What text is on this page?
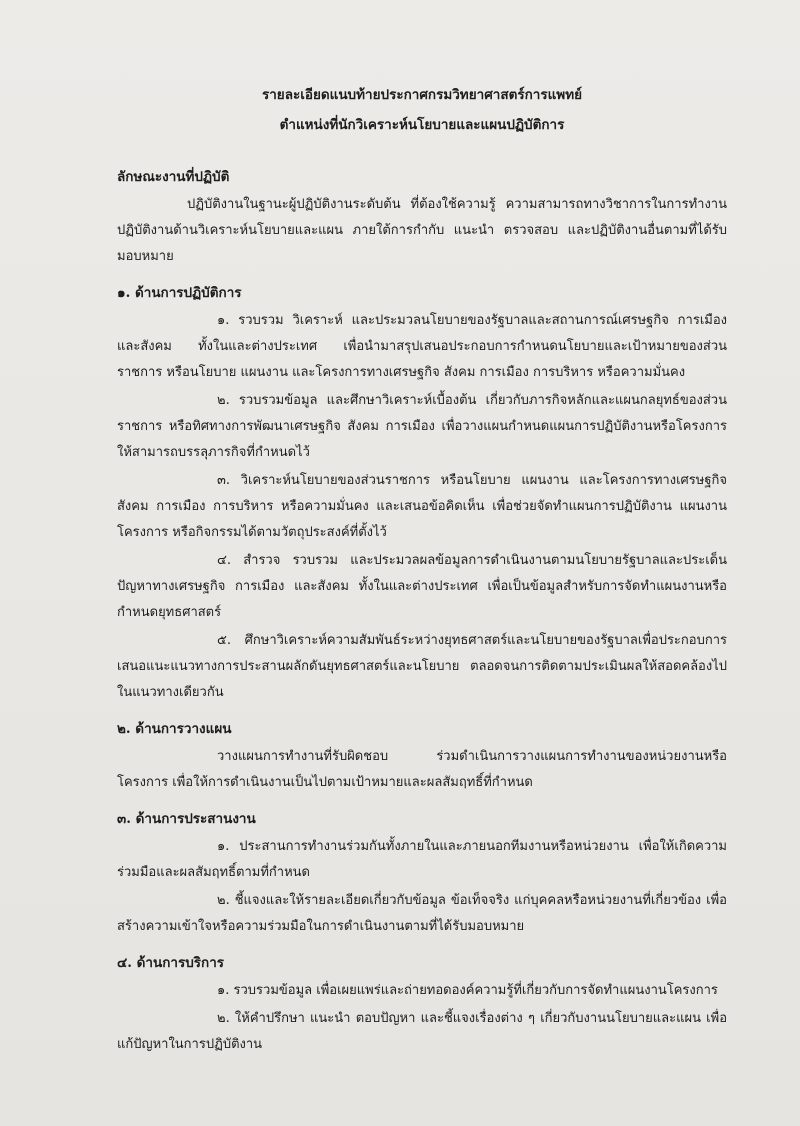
รายละเอียดแนบท้ายประกาศกรมวิทยาศาสตร์การแพทย์

ตำแหน่งที่นักวิเคราะห์นโยบายและแผนปฏิบัติการ

ลักษณะงานที่ปฏิบัติ

ปฏิบัติงานในฐานะผู้ปฏิบัติงานระดับต้น ที่ต้องใช้ความรู้ ความสามารถทางวิชาการในการทำงาน ปฏิบัติงานด้านวิเคราะห์นโยบายและแผน ภายใต้การกำกับ แนะนำ ตรวจสอบ และปฏิบัติงานอื่นตามที่ได้รับมอบหมาย

๑. ด้านการปฏิบัติการ

๑. รวบรวม วิเคราะห์ และประมวลนโยบายของรัฐบาลและสถานการณ์เศรษฐกิจ การเมือง และสังคม ทั้งในและต่างประเทศ เพื่อนำมาสรุปเสนอประกอบการกำหนดนโยบายและเป้าหมายของส่วนราชการ หรือนโยบาย แผนงาน และโครงการทางเศรษฐกิจ สังคม การเมือง การบริหาร หรือความมั่นคง

๒. รวบรวมข้อมูล และศึกษาวิเคราะห์เบื้องต้น เกี่ยวกับภารกิจหลักและแผนกลยุทธ์ของส่วนราชการ หรือทิศทางการพัฒนาเศรษฐกิจ สังคม การเมือง เพื่อวางแผนกำหนดแผนการปฏิบัติงานหรือโครงการให้สามารถบรรลุภารกิจที่กำหนดไว้

๓. วิเคราะห์นโยบายของส่วนราชการ หรือนโยบาย แผนงาน และโครงการทางเศรษฐกิจ สังคม การเมือง การบริหาร หรือความมั่นคง และเสนอข้อคิดเห็น เพื่อช่วยจัดทำแผนการปฏิบัติงาน แผนงาน โครงการ หรือกิจกรรมได้ตามวัตถุประสงค์ที่ตั้งไว้

๔. สำรวจ รวบรวม และประมวลผลข้อมูลการดำเนินงานตามนโยบายรัฐบาลและประเด็นปัญหาทางเศรษฐกิจ การเมือง และสังคม ทั้งในและต่างประเทศ เพื่อเป็นข้อมูลสำหรับการจัดทำแผนงานหรือกำหนดยุทธศาสตร์

๕. ศึกษาวิเคราะห์ความสัมพันธ์ระหว่างยุทธศาสตร์และนโยบายของรัฐบาลเพื่อประกอบการเสนอแนะแนวทางการประสานผลักดันยุทธศาสตร์และนโยบาย ตลอดจนการติดตามประเมินผลให้สอดคล้องไปในแนวทางเดียวกัน

๒. ด้านการวางแผน

วางแผนการทำงานที่รับผิดชอบ ร่วมดำเนินการวางแผนการทำงานของหน่วยงานหรือโครงการ เพื่อให้การดำเนินงานเป็นไปตามเป้าหมายและผลสัมฤทธิ์ที่กำหนด

๓. ด้านการประสานงาน

๑. ประสานการทำงานร่วมกันทั้งภายในและภายนอกทีมงานหรือหน่วยงาน เพื่อให้เกิดความร่วมมือและผลสัมฤทธิ์ตามที่กำหนด

๒. ชี้แจงและให้รายละเอียดเกี่ยวกับข้อมูล ข้อเท็จจริง แก่บุคคลหรือหน่วยงานที่เกี่ยวข้อง เพื่อสร้างความเข้าใจหรือความร่วมมือในการดำเนินงานตามที่ได้รับมอบหมาย

๔. ด้านการบริการ

๑. รวบรวมข้อมูล เพื่อเผยแพร่และถ่ายทอดองค์ความรู้ที่เกี่ยวกับการจัดทำแผนงานโครงการ

๒. ให้คำปรึกษา แนะนำ ตอบปัญหา และชี้แจงเรื่องต่าง ๆ เกี่ยวกับงานนโยบายและแผน เพื่อแก้ปัญหาในการปฏิบัติงาน
